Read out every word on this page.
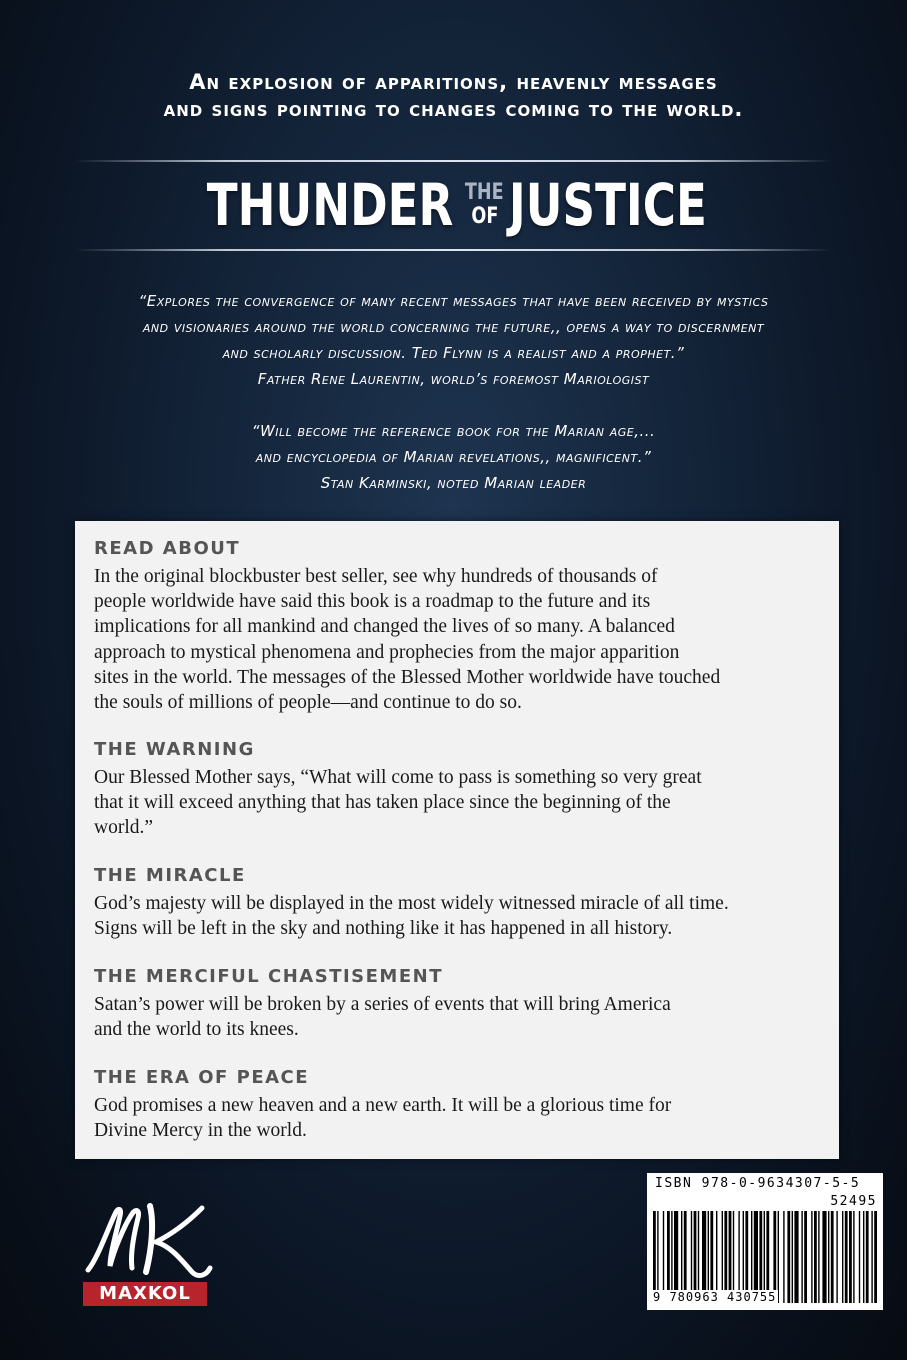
An explosion of apparitions, heavenly messages
and signs pointing to changes coming to the world.
THUNDER THE
OF JUSTICE
“Explores the convergence of many recent messages that have been received by mystics
and visionaries around the world concerning the future,, opens a way to discernment
and scholarly discussion. Ted Flynn is a realist and a prophet.”
Father Rene Laurentin, world’s foremost Mariologist
“Will become the reference book for the Marian age,...
and encyclopedia of Marian revelations,, magnificent.”
Stan Karminski, noted Marian leader
READ ABOUT
In the original blockbuster best seller, see why hundreds of thousands of
people worldwide have said this book is a roadmap to the future and its
implications for all mankind and changed the lives of so many. A balanced
approach to mystical phenomena and prophecies from the major apparition
sites in the world. The messages of the Blessed Mother worldwide have touched
the souls of millions of people—and continue to do so.
THE WARNING
Our Blessed Mother says, “What will come to pass is something so very great
that it will exceed anything that has taken place since the beginning of the
world.”
THE MIRACLE
God’s majesty will be displayed in the most widely witnessed miracle of all time.
Signs will be left in the sky and nothing like it has happened in all history.
THE MERCIFUL CHASTISEMENT
Satan’s power will be broken by a series of events that will bring America
and the world to its knees.
THE ERA OF PEACE
God promises a new heaven and a new earth. It will be a glorious time for
Divine Mercy in the world.
MAXKOL
ISBN 978-0-9634307-5-5
52495
9 780963 430755
